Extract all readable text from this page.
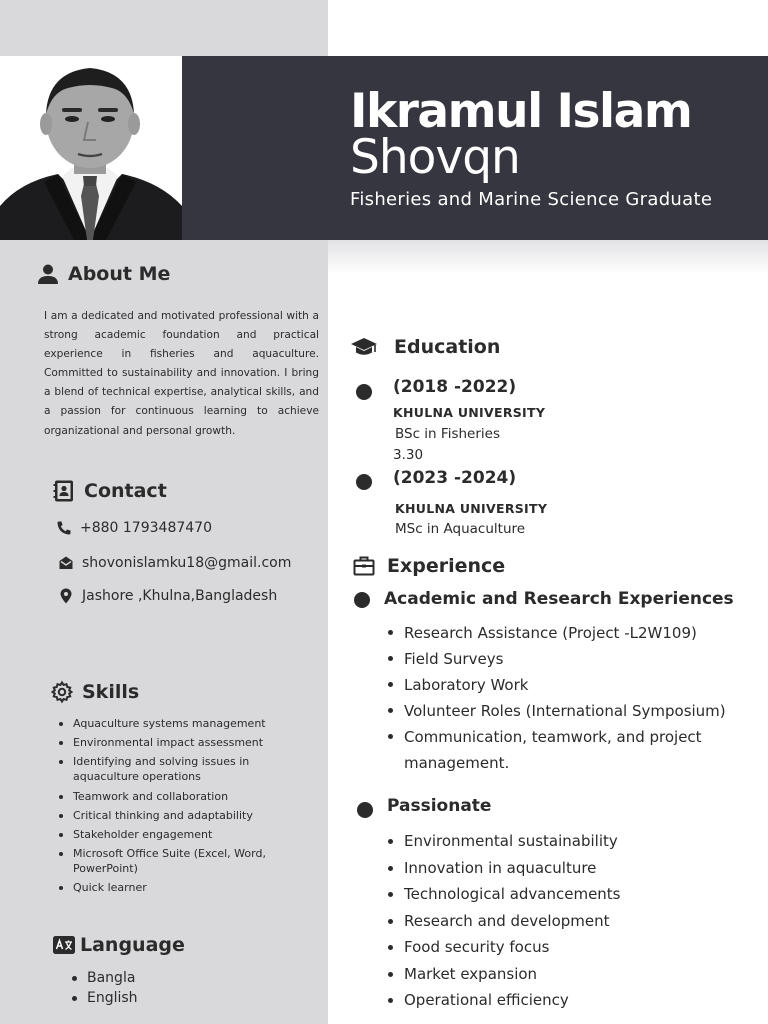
Ikramul Islam
Shovqn
Fisheries and Marine Science Graduate
About Me

I am a dedicated and motivated professional with a strong academic foundation and practical experience in fisheries and aquaculture. Committed to sustainability and innovation. I bring a blend of technical expertise, analytical skills, and a passion for continuous learning to achieve organizational and personal growth.

Contact
+880 1793487470
shovonislamku18@gmail.com
Jashore ,Khulna,Bangladesh
Skills
Aquaculture systems management
Environmental impact assessment
Identifying and solving issues in aquaculture operations
Teamwork and collaboration
Critical thinking and adaptability
Stakeholder engagement
Microsoft Office Suite (Excel, Word, PowerPoint)
Quick learner
Language
Bangla
English
Education
(2018 -2022)
KHULNA UNIVERSITY
BSc in Fisheries
3.30
(2023 -2024)
KHULNA UNIVERSITY
MSc in Aquaculture
Experience
Academic and Research Experiences
Research Assistance (Project -L2W109)
Field Surveys
Laboratory Work
Volunteer Roles (International Symposium)
Communication, teamwork, and project management.
Passionate
Environmental sustainability
Innovation in aquaculture
Technological advancements
Research and development
Food security focus
Market expansion
Operational efficiency
